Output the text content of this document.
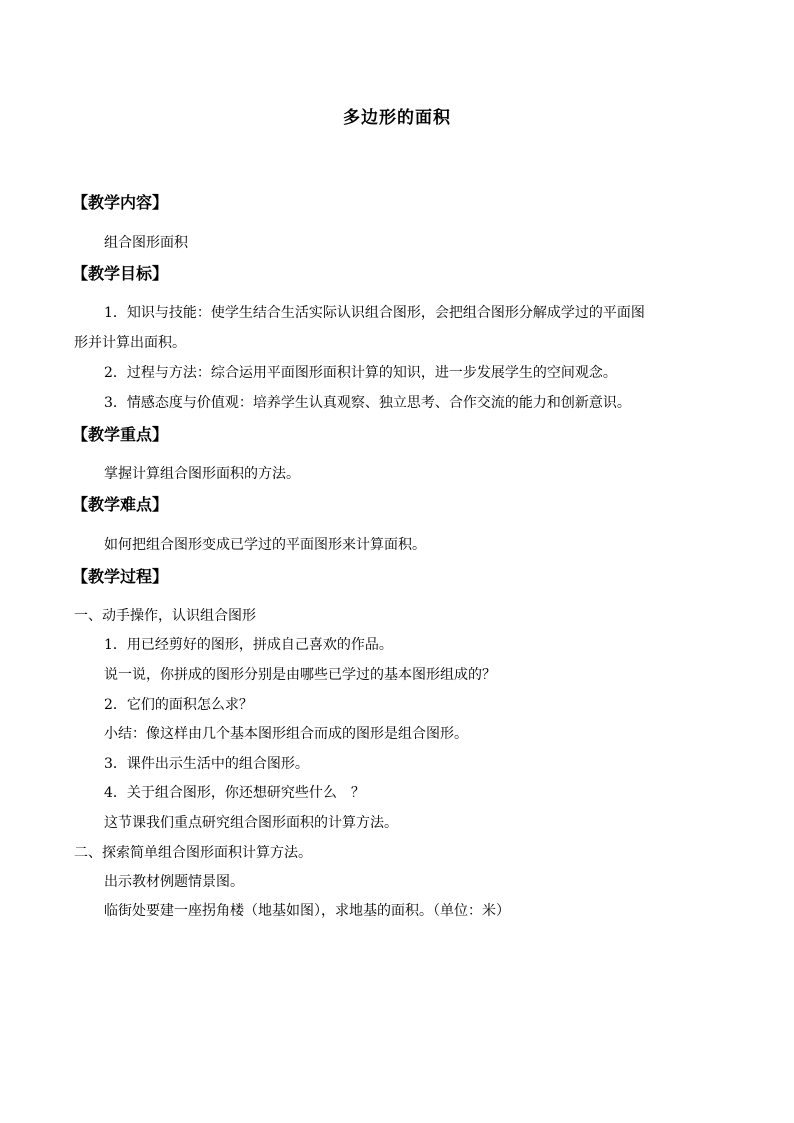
多边形的面积
【教学内容】
组合图形面积
【教学目标】
1．知识与技能：使学生结合生活实际认识组合图形，会把组合图形分解成学过的平面图
形并计算出面积。
2．过程与方法：综合运用平面图形面积计算的知识，进一步发展学生的空间观念。
3．情感态度与价值观：培养学生认真观察、独立思考、合作交流的能力和创新意识。
【教学重点】
掌握计算组合图形面积的方法。
【教学难点】
如何把组合图形变成已学过的平面图形来计算面积。
【教学过程】
一、动手操作，认识组合图形
1．用已经剪好的图形，拼成自己喜欢的作品。
说一说，你拼成的图形分别是由哪些已学过的基本图形组成的？
2．它们的面积怎么求？
小结：像这样由几个基本图形组合而成的图形是组合图形。
3．课件出示生活中的组合图形。
4．关于组合图形，你还想研究些什么　？
这节课我们重点研究组合图形面积的计算方法。
二、探索简单组合图形面积计算方法。
出示教材例题情景图。
临街处要建一座拐角楼（地基如图），求地基的面积。（单位：米）
